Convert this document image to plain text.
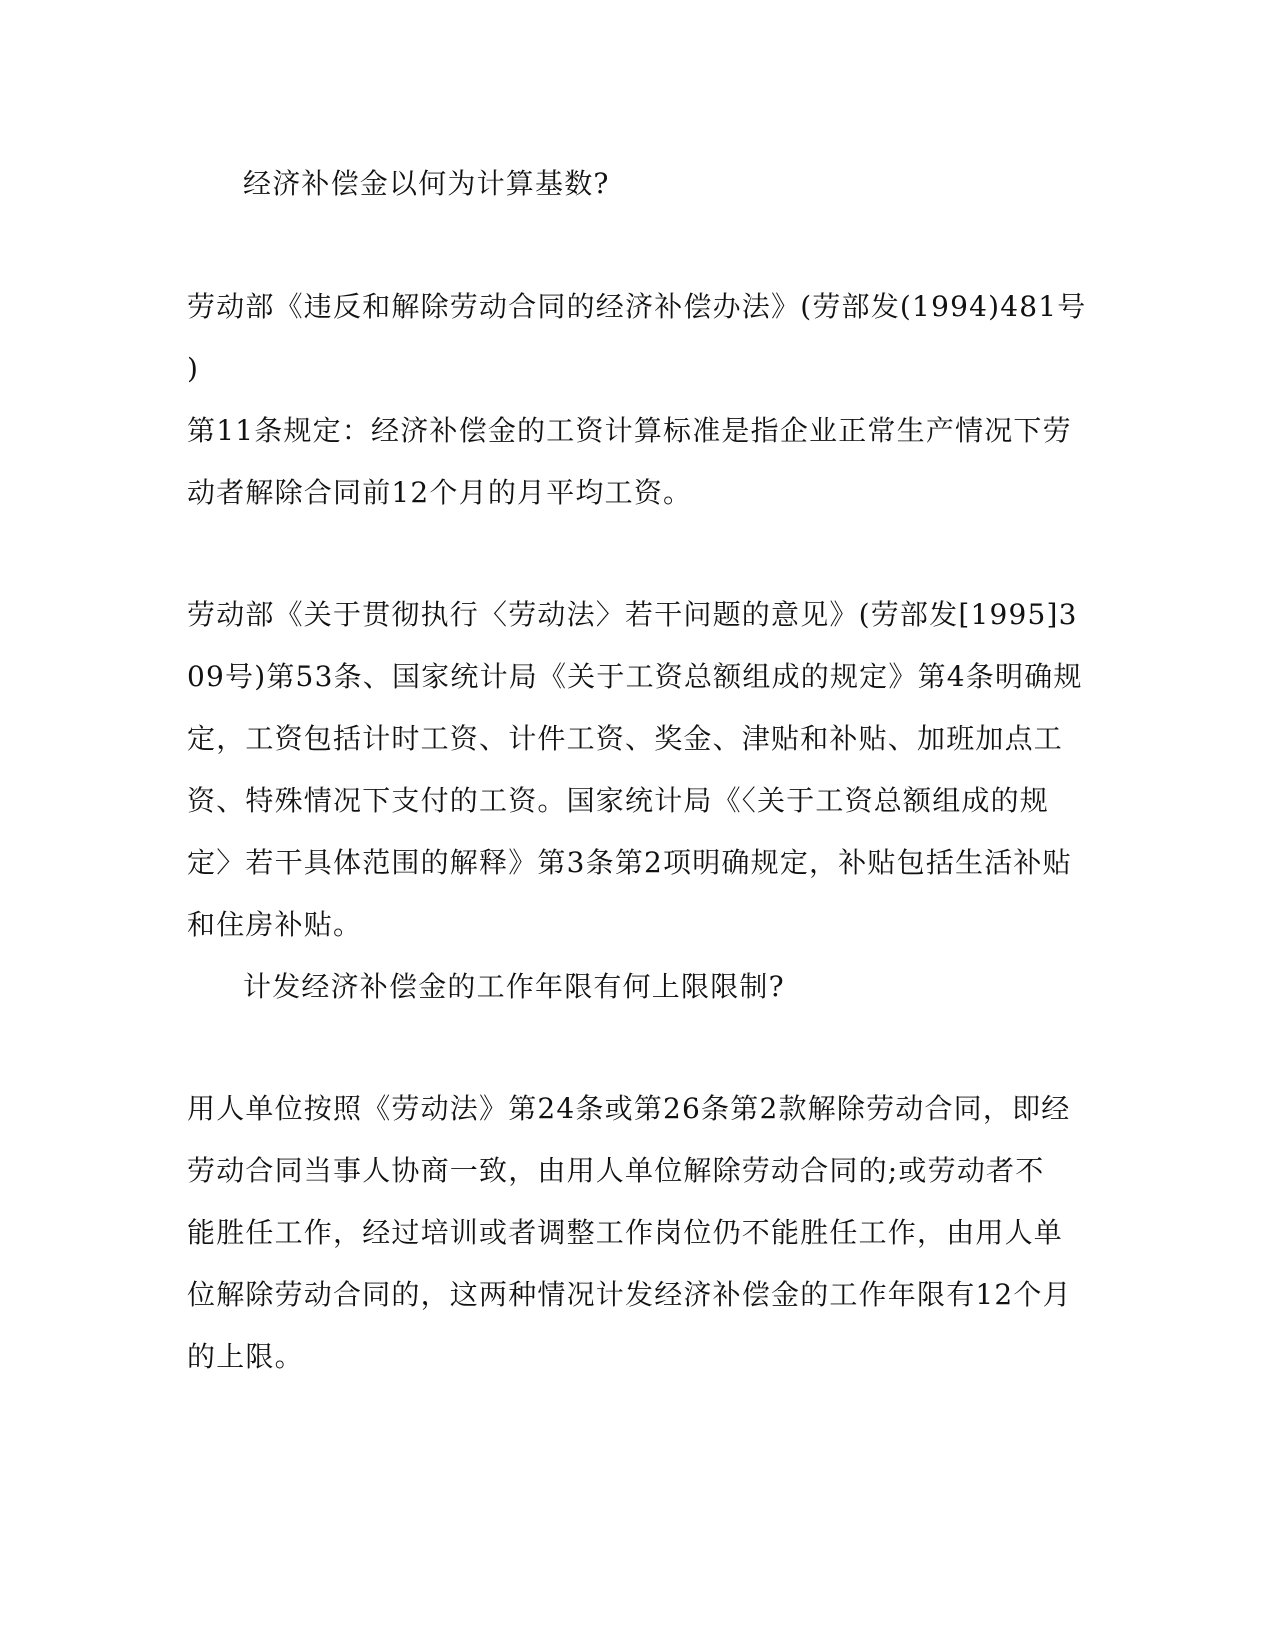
经济补偿金以何为计算基数?
劳动部《违反和解除劳动合同的经济补偿办法》(劳部发(1994)481号
)
第11条规定：经济补偿金的工资计算标准是指企业正常生产情况下劳
动者解除合同前12个月的月平均工资。
劳动部《关于贯彻执行〈劳动法〉若干问题的意见》(劳部发[1995]3
09号)第53条、国家统计局《关于工资总额组成的规定》第4条明确规
定，工资包括计时工资、计件工资、奖金、津贴和补贴、加班加点工
资、特殊情况下支付的工资。国家统计局《〈关于工资总额组成的规
定〉若干具体范围的解释》第3条第2项明确规定，补贴包括生活补贴
和住房补贴。
计发经济补偿金的工作年限有何上限限制?
用人单位按照《劳动法》第24条或第26条第2款解除劳动合同，即经
劳动合同当事人协商一致，由用人单位解除劳动合同的;或劳动者不
能胜任工作，经过培训或者调整工作岗位仍不能胜任工作，由用人单
位解除劳动合同的，这两种情况计发经济补偿金的工作年限有12个月
的上限。
